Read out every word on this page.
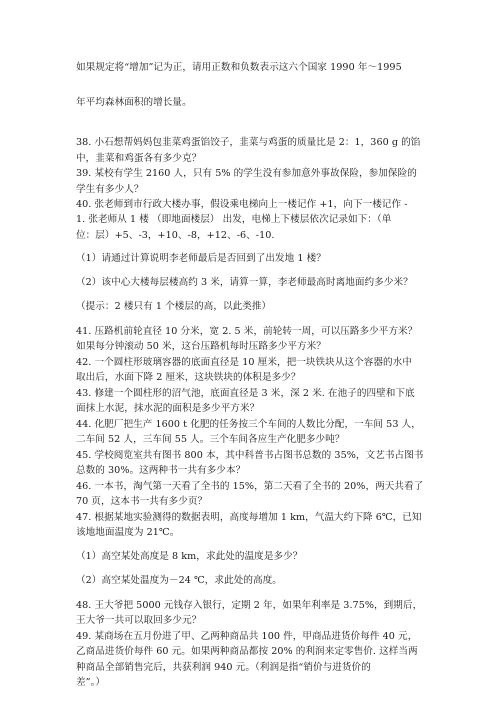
如果规定将“增加”记为正，请用正数和负数表示这六个国家 1990 年～1995
年平均森林面积的增长量。
38. 小石想帮妈妈包韭菜鸡蛋馅饺子，韭菜与鸡蛋的质量比是 2：1，360 g 的馅
中，韭菜和鸡蛋各有多少克？
39. 某校有学生 2160 人，只有 5% 的学生没有参加意外事故保险，参加保险的
学生有多少人？
40. 张老师到市行政大楼办事，假设乘电梯向上一楼记作 +1，向下一楼记作 -
1. 张老师从 1 楼 （即地面楼层） 出发，电梯上下楼层依次记录如下：（单
位：层）+5、-3，+10、-8，+12、-6、-10.
（1）请通过计算说明李老师最后是否回到了出发地 1 楼？
（2）该中心大楼每层楼高约 3 米，请算一算，李老师最高时离地面约多少米？
（提示：2 楼只有 1 个楼层的高，以此类推）
41. 压路机前轮直径 10 分米，宽 2. 5 米，前轮转一周，可以压路多少平方米？
如果每分钟滚动 50 米，这台压路机每时压路多少平方米？
42. 一个圆柱形玻璃容器的底面直径是 10 厘米，把一块铁块从这个容器的水中
取出后，水面下降 2 厘米，这块铁块的体积是多少？
43. 修建一个圆柱形的沼气池，底面直径是 3 米，深 2 米. 在池子的四壁和下底
面抹上水泥，抹水泥的面积是多少平方米？
44. 化肥厂把生产 1600 t 化肥的任务按三个车间的人数比分配，一车间 53 人，
二车间 52 人，三车间 55 人。三个车间各应生产化肥多少吨？
45. 学校阅览室共有图书 800 本，其中科普书占图书总数的 35%，文艺书占图书
总数的 30%。这两种书一共有多少本？
46. 一本书，淘气第一天看了全书的 15%，第二天看了全书的 20%，两天共看了
70 页，这本书一共有多少页？
47. 根据某地实验测得的数据表明，高度每增加 1 km，气温大约下降 6℃，已知
该地地面温度为 21℃。
（1）高空某处高度是 8 km，求此处的温度是多少？
（2）高空某处温度为－24 ℃，求此处的高度。
48. 王大爷把 5000 元钱存入银行，定期 2 年，如果年利率是 3.75%，到期后，
王大爷一共可以取回多少元？
49. 某商场在五月份进了甲、乙两种商品共 100 件，甲商品进货价每件 40 元，
乙商品进货价每件 60 元。如果两种商品都按 20% 的利润来定零售价. 这样当两
种商品全部销售完后，共获利润 940 元。（利润是指“销价与进货价的
差”。）
